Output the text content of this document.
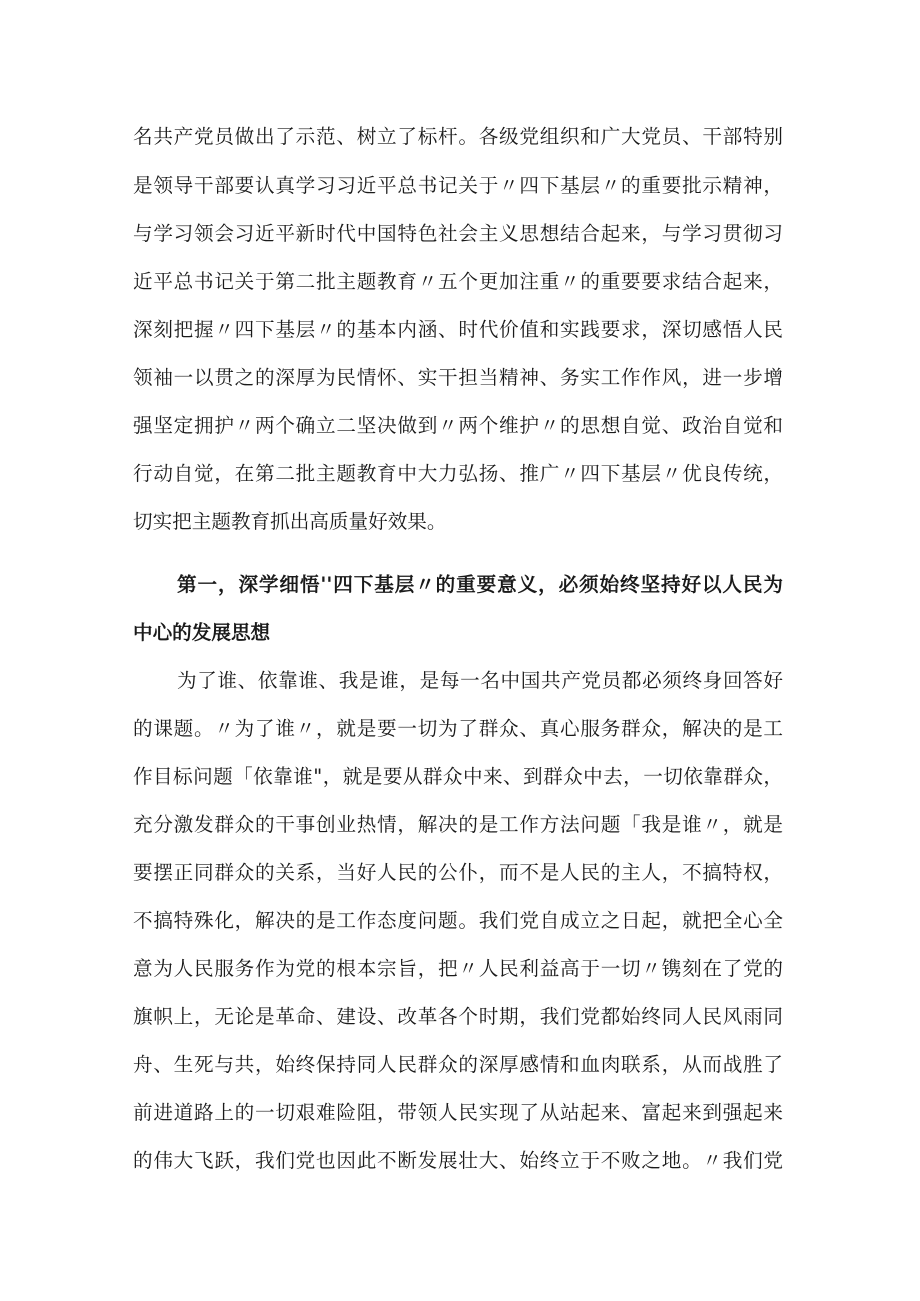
名共产党员做出了示范、树立了标杆。各级党组织和广大党员、干部特别
是领导干部要认真学习习近平总书记关于〃四下基层〃的重要批示精神，
与学习领会习近平新时代中国特色社会主义思想结合起来，与学习贯彻习
近平总书记关于第二批主题教育〃五个更加注重〃的重要要求结合起来，
深刻把握〃四下基层〃的基本内涵、时代价值和实践要求，深切感悟人民
领袖一以贯之的深厚为民情怀、实干担当精神、务实工作作风，进一步增
强坚定拥护〃两个确立二坚决做到〃两个维护〃的思想自觉、政治自觉和
行动自觉，在第二批主题教育中大力弘扬、推广〃四下基层〃优良传统，
切实把主题教育抓出高质量好效果。
第一，深学细悟''四下基层〃的重要意义，必须始终坚持好以人民为
中心的发展思想
为了谁、依靠谁、我是谁，是每一名中国共产党员都必须终身回答好
的课题。〃为了谁〃，就是要一切为了群众、真心服务群众，解决的是工
作目标问题「依靠谁"，就是要从群众中来、到群众中去，一切依靠群众，
充分激发群众的干事创业热情，解决的是工作方法问题「我是谁〃，就是
要摆正同群众的关系，当好人民的公仆，而不是人民的主人，不搞特权，
不搞特殊化，解决的是工作态度问题。我们党自成立之日起，就把全心全
意为人民服务作为党的根本宗旨，把〃人民利益高于一切〃镌刻在了党的
旗帜上，无论是革命、建设、改革各个时期，我们党都始终同人民风雨同
舟、生死与共，始终保持同人民群众的深厚感情和血肉联系，从而战胜了
前进道路上的一切艰难险阻，带领人民实现了从站起来、富起来到强起来
的伟大飞跃，我们党也因此不断发展壮大、始终立于不败之地。〃我们党
